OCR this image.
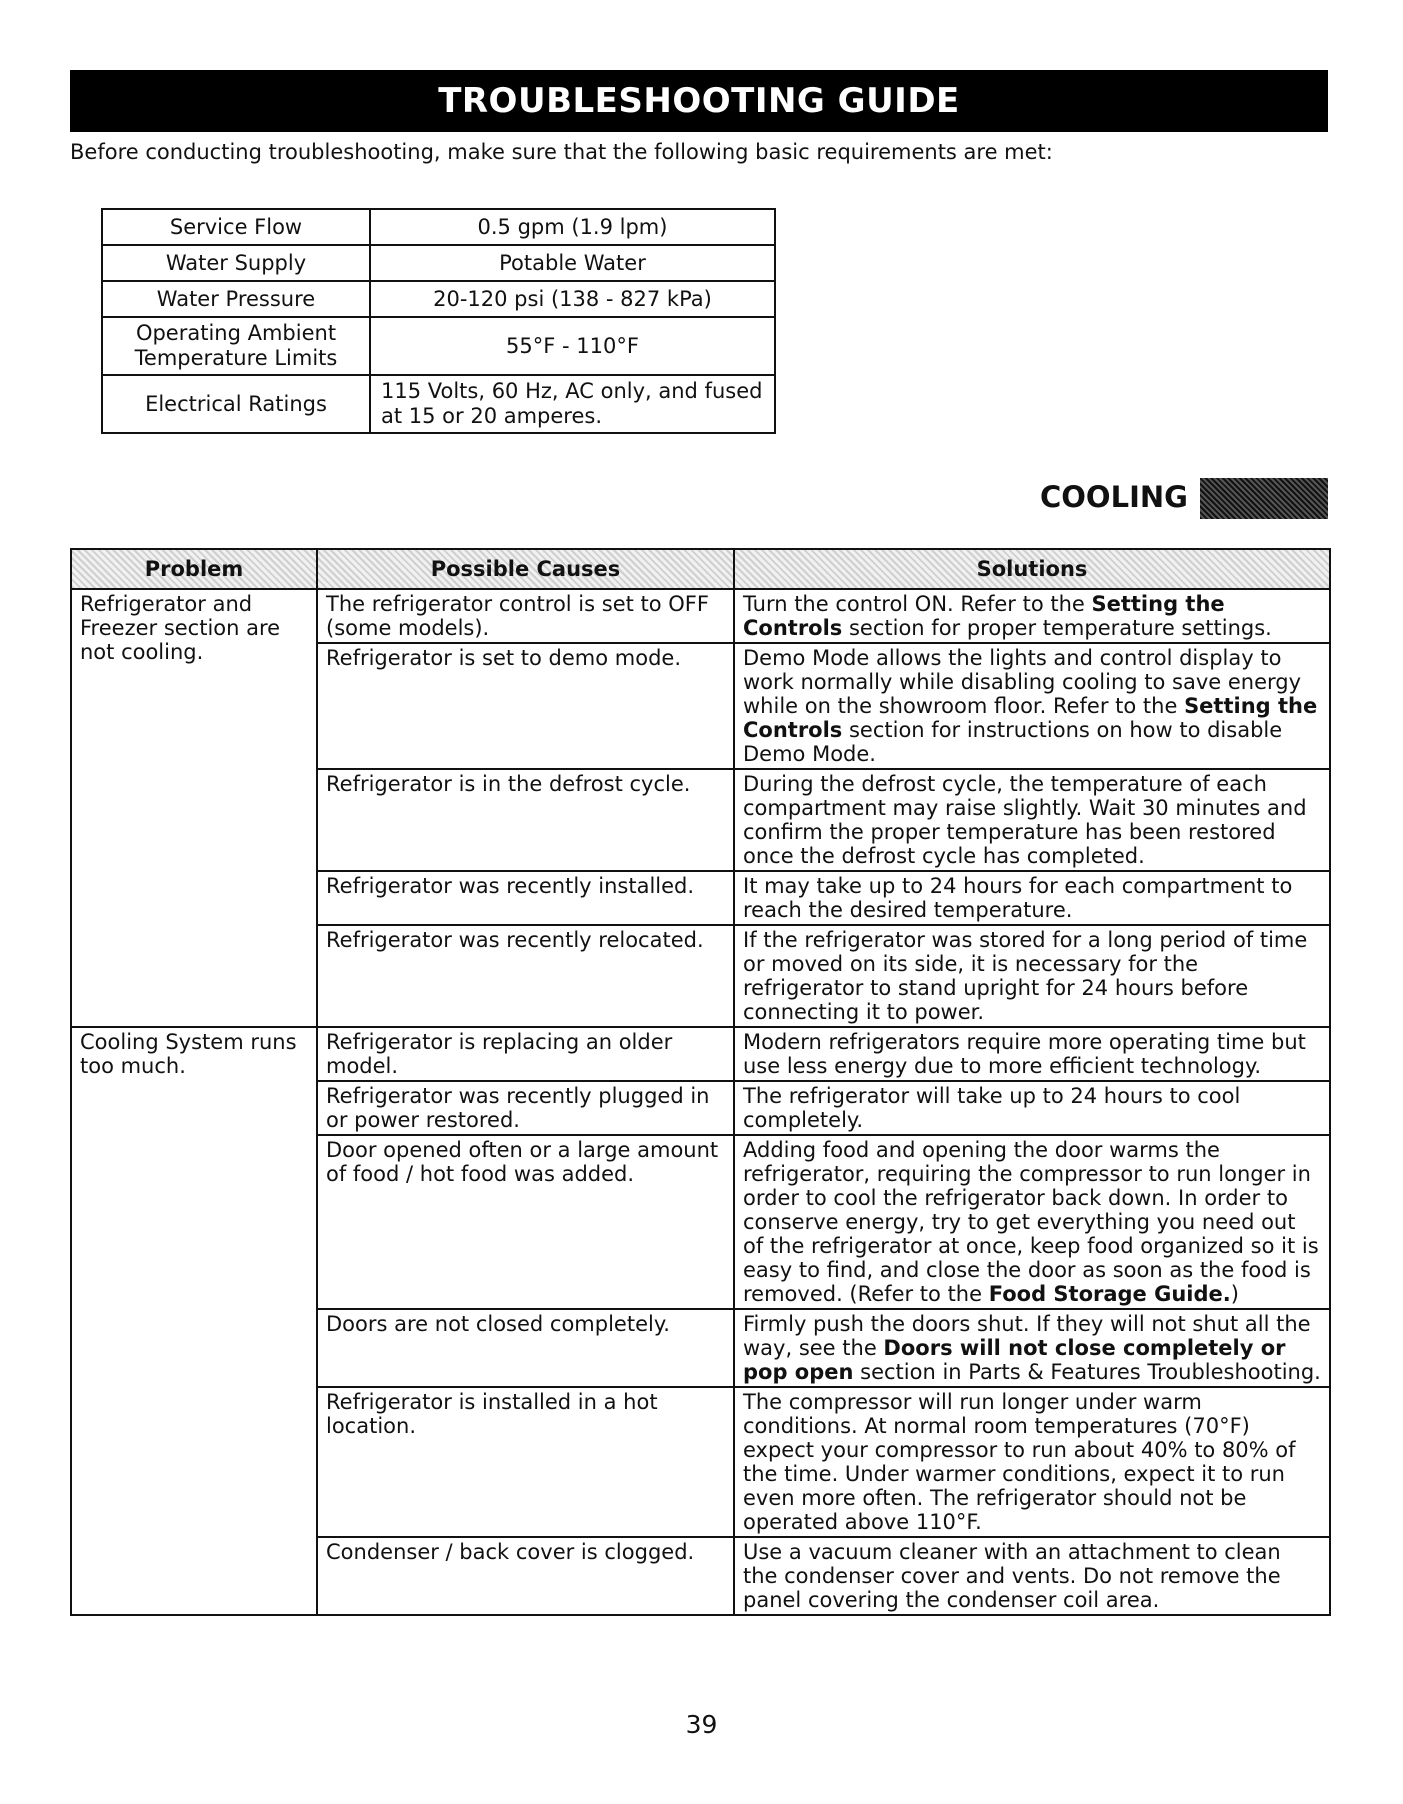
TROUBLESHOOTING GUIDE
Before conducting troubleshooting, make sure that the following basic requirements are met:
Service Flow	0.5 gpm (1.9 lpm)
Water Supply	Potable Water
Water Pressure	20-120 psi (138 - 827 kPa)
Operating Ambient Temperature Limits	55°F - 110°F
Electrical Ratings	115 Volts, 60 Hz, AC only, and fused at 15 or 20 amperes.
COOLING
Problem	Possible Causes	Solutions
Refrigerator and Freezer section are not cooling.	The refrigerator control is set to OFF (some models).	Turn the control ON. Refer to the Setting the Controls section for proper temperature settings.
	Refrigerator is set to demo mode.	Demo Mode allows the lights and control display to work normally while disabling cooling to save energy while on the showroom floor. Refer to the Setting the Controls section for instructions on how to disable Demo Mode.
	Refrigerator is in the defrost cycle.	During the defrost cycle, the temperature of each compartment may raise slightly. Wait 30 minutes and confirm the proper temperature has been restored once the defrost cycle has completed.
	Refrigerator was recently installed.	It may take up to 24 hours for each compartment to reach the desired temperature.
	Refrigerator was recently relocated.	If the refrigerator was stored for a long period of time or moved on its side, it is necessary for the refrigerator to stand upright for 24 hours before connecting it to power.
Cooling System runs too much.	Refrigerator is replacing an older model.	Modern refrigerators require more operating time but use less energy due to more efficient technology.
	Refrigerator was recently plugged in or power restored.	The refrigerator will take up to 24 hours to cool completely.
	Door opened often or a large amount of food / hot food was added.	Adding food and opening the door warms the refrigerator, requiring the compressor to run longer in order to cool the refrigerator back down. In order to conserve energy, try to get everything you need out of the refrigerator at once, keep food organized so it is easy to find, and close the door as soon as the food is removed. (Refer to the Food Storage Guide.)
	Doors are not closed completely.	Firmly push the doors shut. If they will not shut all the way, see the Doors will not close completely or pop open section in Parts & Features Troubleshooting.
	Refrigerator is installed in a hot location.	The compressor will run longer under warm conditions. At normal room temperatures (70°F) expect your compressor to run about 40% to 80% of the time. Under warmer conditions, expect it to run even more often. The refrigerator should not be operated above 110°F.
	Condenser / back cover is clogged.	Use a vacuum cleaner with an attachment to clean the condenser cover and vents. Do not remove the panel covering the condenser coil area.
39
